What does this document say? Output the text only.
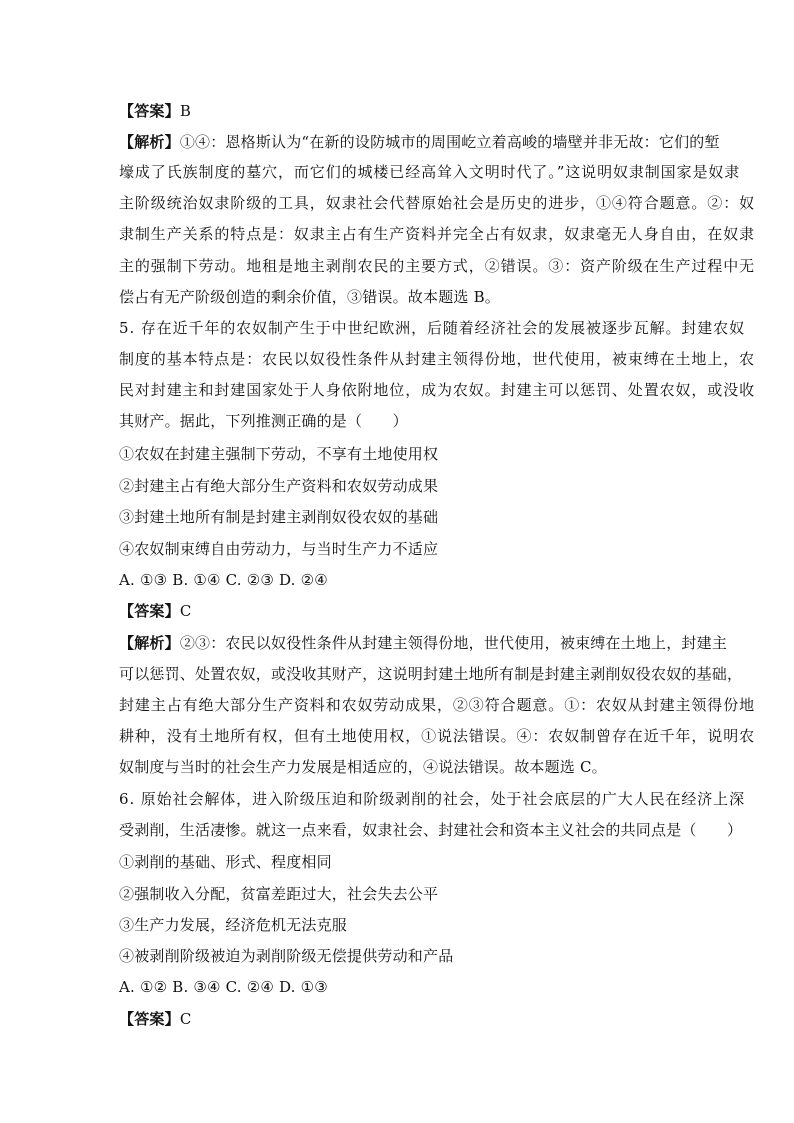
【答案】B
【解析】①④：恩格斯认为“在新的设防城市的周围屹立着高峻的墙壁并非无故：它们的堑
壕成了氏族制度的墓穴，而它们的城楼已经高耸入文明时代了。”这说明奴隶制国家是奴隶
主阶级统治奴隶阶级的工具，奴隶社会代替原始社会是历史的进步，①④符合题意。②：奴
隶制生产关系的特点是：奴隶主占有生产资料并完全占有奴隶，奴隶毫无人身自由，在奴隶
主的强制下劳动。地租是地主剥削农民的主要方式，②错误。③：资产阶级在生产过程中无
偿占有无产阶级创造的剩余价值，③错误。故本题选 B。
5. 存在近千年的农奴制产生于中世纪欧洲，后随着经济社会的发展被逐步瓦解。封建农奴
制度的基本特点是：农民以奴役性条件从封建主领得份地，世代使用，被束缚在土地上，农
民对封建主和封建国家处于人身依附地位，成为农奴。封建主可以惩罚、处置农奴，或没收
其财产。据此，下列推测正确的是（　　）
①农奴在封建主强制下劳动，不享有土地使用权
②封建主占有绝大部分生产资料和农奴劳动成果
③封建土地所有制是封建主剥削奴役农奴的基础
④农奴制束缚自由劳动力，与当时生产力不适应
A. ①③ B. ①④ C. ②③ D. ②④
【答案】C
【解析】②③：农民以奴役性条件从封建主领得份地，世代使用，被束缚在土地上，封建主
可以惩罚、处置农奴，或没收其财产，这说明封建土地所有制是封建主剥削奴役农奴的基础，
封建主占有绝大部分生产资料和农奴劳动成果，②③符合题意。①：农奴从封建主领得份地
耕种，没有土地所有权，但有土地使用权，①说法错误。④：农奴制曾存在近千年，说明农
奴制度与当时的社会生产力发展是相适应的，④说法错误。故本题选 C。
6. 原始社会解体，进入阶级压迫和阶级剥削的社会，处于社会底层的广大人民在经济上深
受剥削，生活凄惨。就这一点来看，奴隶社会、封建社会和资本主义社会的共同点是（　　）
①剥削的基础、形式、程度相同
②强制收入分配，贫富差距过大，社会失去公平
③生产力发展，经济危机无法克服
④被剥削阶级被迫为剥削阶级无偿提供劳动和产品
A. ①② B. ③④ C. ②④ D. ①③
【答案】C
